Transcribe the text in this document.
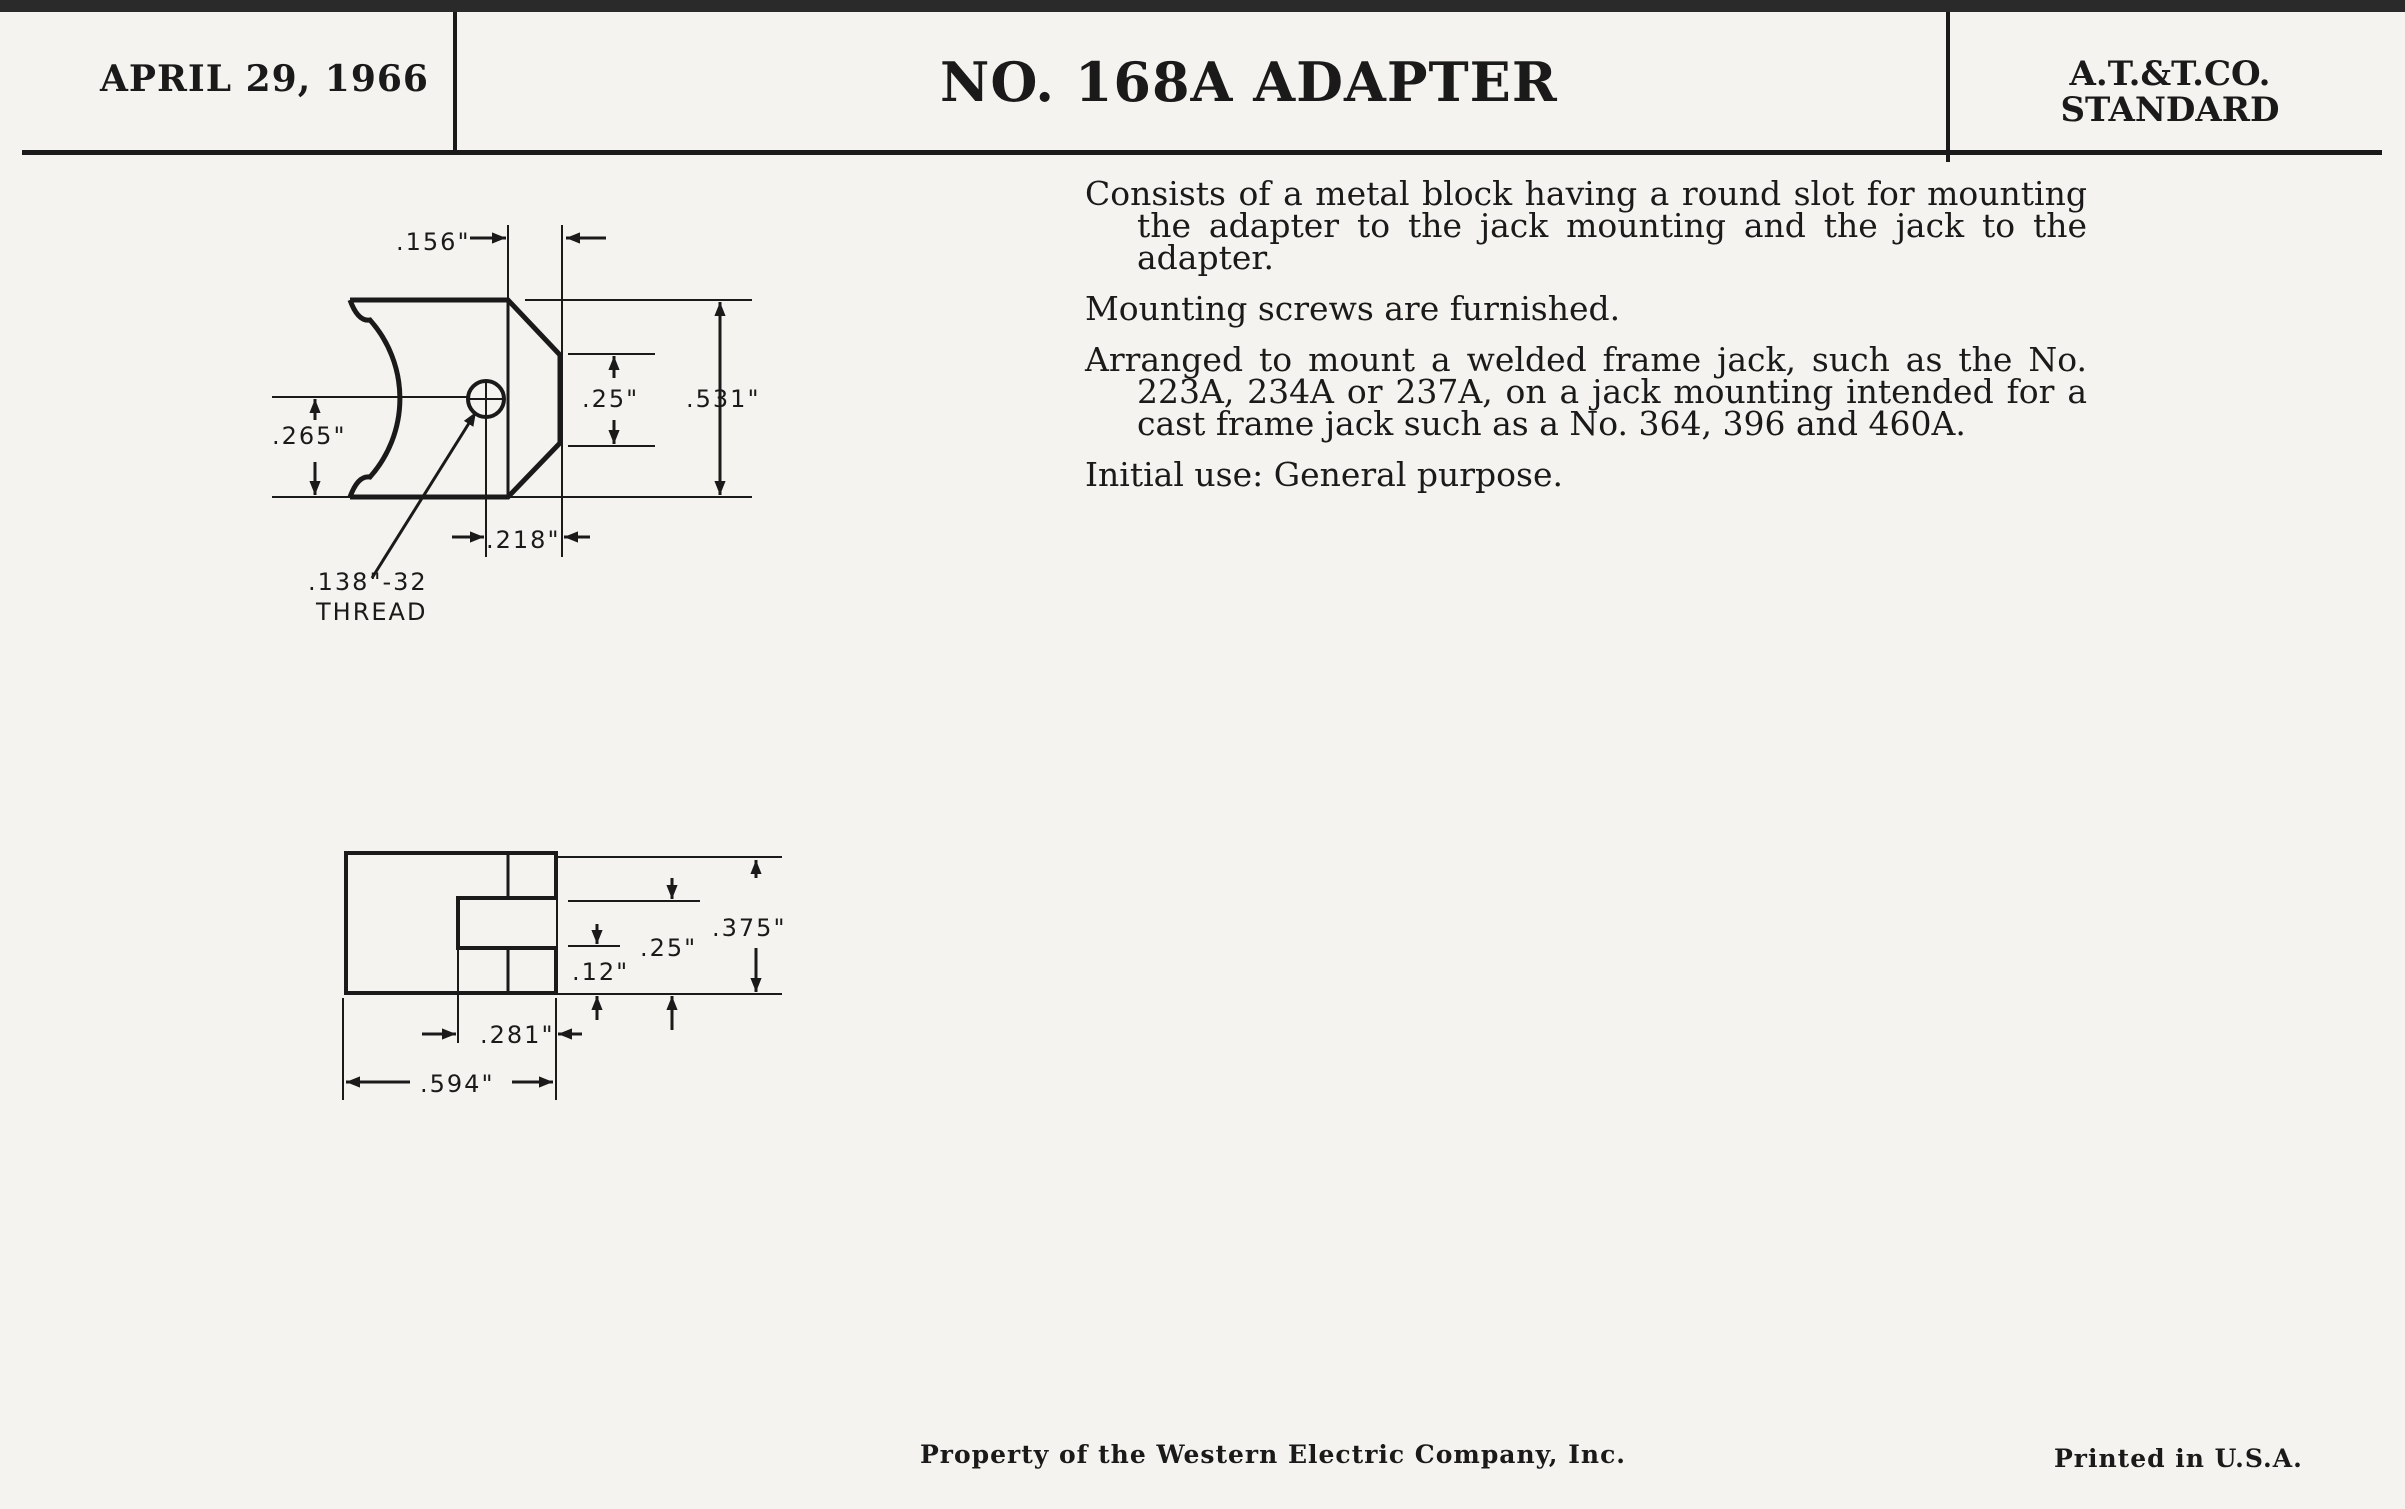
APRIL 29, 1966	NO. 168A ADAPTER	A.T.&T.CO.
STANDARD

Consists of a metal block having a round slot for mounting the adapter to the jack mounting and the jack to the adapter.

Mounting screws are furnished.

Arranged to mount a welded frame jack, such as the No. 223A, 234A or 237A, on a jack mounting intended for a cast frame jack such as a No. 364, 396 and 460A.

Initial use: General purpose.

.156"
.25" .531"
.265"
.218"
.138"-32
THREAD
.375"
.25"
.12"
.281"
.594"
Property of the Western Electric Company, Inc.	Printed in U.S.A.
